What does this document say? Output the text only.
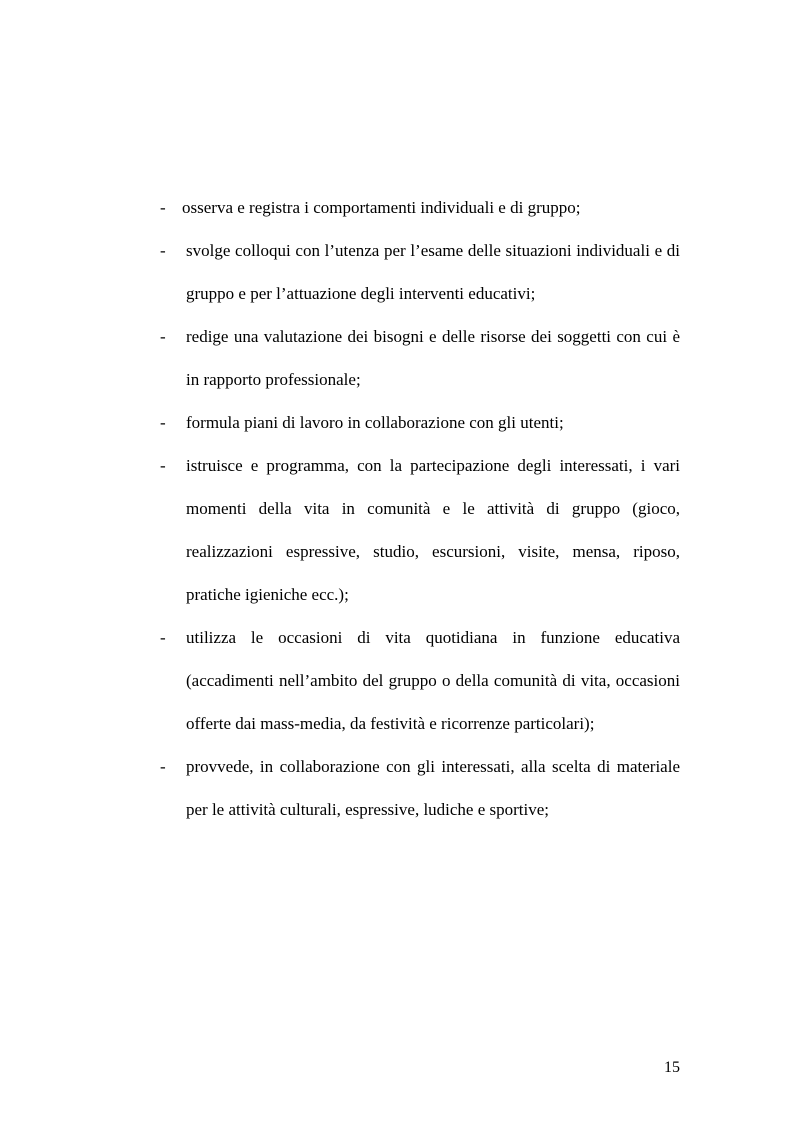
- osserva e registra i comportamenti individuali e di gruppo;
-	svolge colloqui con l’utenza per l’esame delle situazioni individuali e di gruppo e per l’attuazione degli interventi educativi;
-	redige una valutazione dei bisogni e delle risorse dei soggetti con cui è in rapporto professionale;
-	formula piani di lavoro in collaborazione con gli utenti;
-	istruisce e programma, con la partecipazione degli interessati, i vari momenti della vita in comunità e le attività di gruppo (gioco, realizzazioni espressive, studio, escursioni, visite, mensa, riposo, pratiche igieniche ecc.);
-	utilizza le occasioni di vita quotidiana in funzione educativa (accadimenti nell’ambito del gruppo o della comunità di vita, occasioni offerte dai mass-media, da festività e ricorrenze particolari);
-	provvede, in collaborazione con gli interessati, alla scelta di materiale per le attività culturali, espressive, ludiche e sportive;
15
